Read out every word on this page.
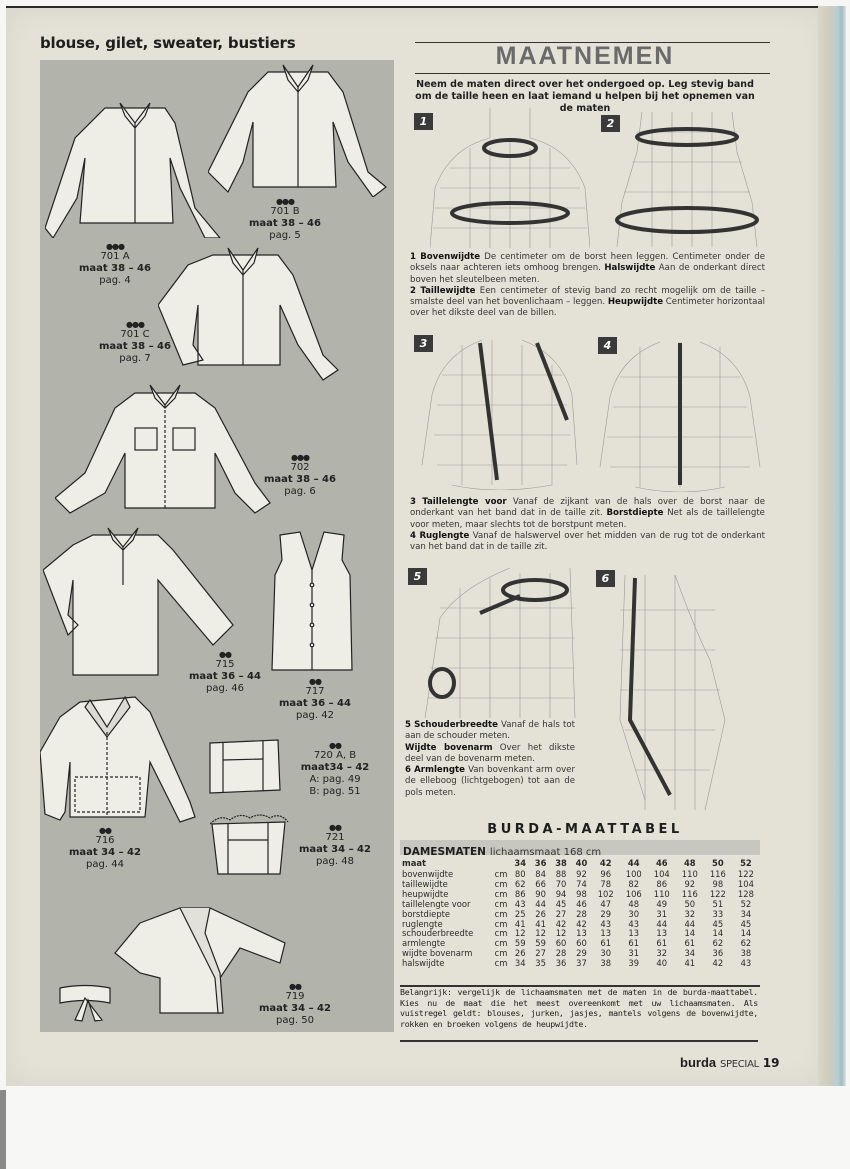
blouse, gilet, sweater, bustiers
●●●
701 A
maat 38 – 46
pag. 4
●●●
701 B
maat 38 – 46
pag. 5
●●●
701 C
maat 38 – 46
pag. 7
●●●
702
maat 38 – 46
pag. 6
●●
715
maat 36 – 44
pag. 46
●●
717
maat 36 – 44
pag. 42
●●
716
maat 34 – 42
pag. 44
●●
720 A, B
maat34 – 42
A: pag. 49
B: pag. 51
●●
721
maat 34 – 42
pag. 48
●●
719
maat 34 – 42
pag. 50
MAATNEMEN
Neem de maten direct over het ondergoed op. Leg stevig band
om de taille heen en laat iemand u helpen bij het opnemen van de maten
1	2
1 Bovenwijdte De centimeter om de borst heen leggen. Centimeter onder de oksels naar achteren iets omhoog brengen. Halswijdte Aan de onderkant direct boven het sleutelbeen meten.
2 Taillewijdte Een centimeter of stevig band zo recht mogelijk om de taille – smalste deel van het bovenlichaam – leggen. Heupwijdte Centimeter horizontaal over het dikste deel van de billen.
3	4
3 Taillelengte voor Vanaf de zijkant van de hals over de borst naar de onderkant van het band dat in de taille zit. Borstdiepte Net als de taillelengte voor meten, maar slechts tot de borstpunt meten.
4 Ruglengte Vanaf de halswervel over het midden van de rug tot de onderkant van het band dat in de taille zit.
5	6
5 Schouderbreedte Vanaf de hals tot aan de schouder meten.
Wijdte bovenarm Over het dikste deel van de bovenarm meten.
6 Armlengte Van bovenkant arm over de elleboog (lichtgebogen) tot aan de pols meten.
BURDA-MAATTABEL
DAMESMATEN lichaamsmaat 168 cm
maat		34	36	38	40	42	44	46	48	50	52
bovenwijdte	cm	80	84	88	92	96	100	104	110	116	122
taillewijdte	cm	62	66	70	74	78	82	86	92	98	104
heupwijdte	cm	86	90	94	98	102	106	110	116	122	128
taillelengte voor	cm	43	44	45	46	47	48	49	50	51	52
borstdiepte	cm	25	26	27	28	29	30	31	32	33	34
ruglengte	cm	41	41	42	42	43	43	44	44	45	45
schouderbreedte	cm	12	12	12	13	13	13	13	14	14	14
armlengte	cm	59	59	60	60	61	61	61	61	62	62
wijdte bovenarm	cm	26	27	28	29	30	31	32	34	36	38
halswijdte	cm	34	35	36	37	38	39	40	41	42	43
Belangrijk: vergelijk de lichaamsmaten met de maten in de burda-maattabel. Kies nu de maat die het meest overeenkomt met uw lichaamsmaten. Als vuistregel geldt: blouses, jurken, jasjes, mantels volgens de bovenwijdte, rokken en broeken volgens de heupwijdte.
burda SPECIAL 19
